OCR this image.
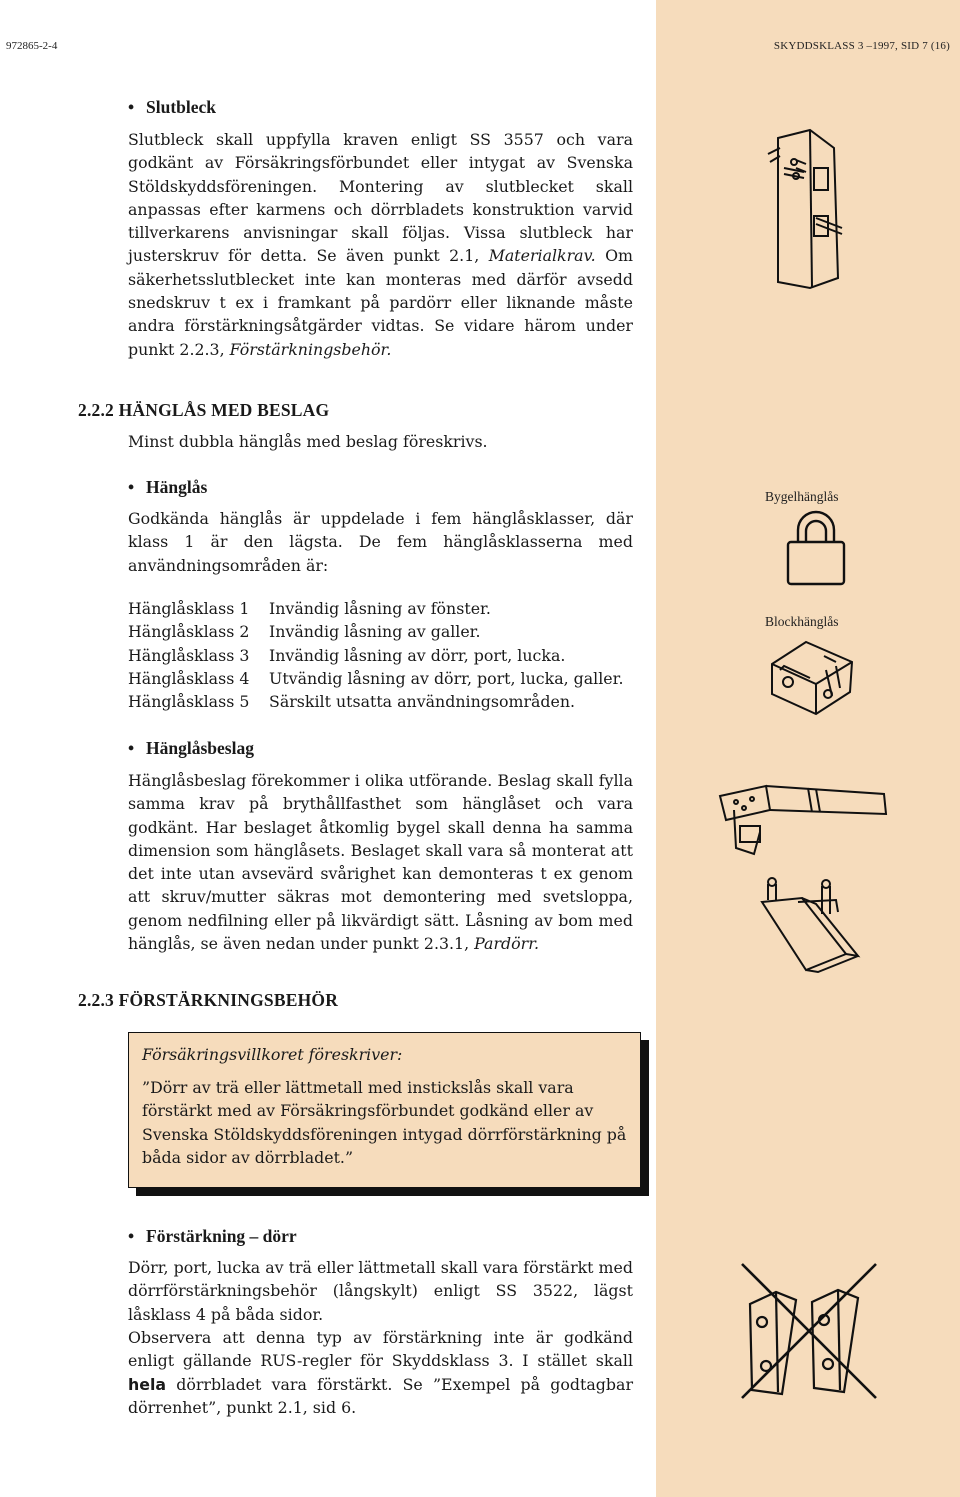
972865-2-4	SKYDDSKLASS 3 –1997, SID 7 (16)
• Slutbleck
Slutbleck skall uppfylla kraven enligt SS 3557 och vara godkänt av Försäkringsförbundet eller intygat av Svenska Stöldskyddsföreningen. Montering av slutblecket skall anpassas efter karmens och dörrbladets konstruktion varvid tillverkarens anvisningar skall följas. Vissa slutbleck har justerskruv för detta. Se även punkt 2.1, Materialkrav. Om säkerhetsslutblecket inte kan monteras med därför avsedd snedskruv t ex i framkant på pardörr eller liknande måste andra förstärkningsåtgärder vidtas. Se vidare härom under punkt 2.2.3, Förstärkningsbehör.
2.2.2 HÄNGLÅS MED BESLAG
Minst dubbla hänglås med beslag föreskrivs.
• Hänglås
Godkända hänglås är uppdelade i fem hänglåsklasser, där klass 1 är den lägsta. De fem hänglåsklasserna med användningsområden är:
Hänglåsklass 1	Invändig låsning av fönster.
Hänglåsklass 2	Invändig låsning av galler.
Hänglåsklass 3	Invändig låsning av dörr, port, lucka.
Hänglåsklass 4	Utvändig låsning av dörr, port, lucka, galler.
Hänglåsklass 5	Särskilt utsatta användningsområden.
• Hänglåsbeslag
Hänglåsbeslag förekommer i olika utförande. Beslag skall fylla samma krav på brythållfasthet som hänglåset och vara godkänt. Har beslaget åtkomlig bygel skall denna ha samma dimension som hänglåsets. Beslaget skall vara så monterat att det inte utan avsevärd svårighet kan demonteras t ex genom att skruv/mutter säkras mot demontering med svetsloppa, genom nedfilning eller på likvärdigt sätt. Låsning av bom med hänglås, se även nedan under punkt 2.3.1, Pardörr.
2.2.3 FÖRSTÄRKNINGSBEHÖR
Försäkringsvillkoret föreskriver:
”Dörr av trä eller lättmetall med instickslås skall vara förstärkt med av Försäkringsförbundet godkänd eller av Svenska Stöldskyddsföreningen intygad dörrförstärkning på båda sidor av dörrbladet.”
• Förstärkning – dörr
Dörr, port, lucka av trä eller lättmetall skall vara förstärkt med dörrförstärkningsbehör (långskylt) enligt SS 3522, lägst låsklass 4 på båda sidor.
Observera att denna typ av förstärkning inte är godkänd enligt gällande RUS-regler för Skyddsklass 3. I stället skall hela dörrbladet vara förstärkt. Se ”Exempel på godtagbar dörrenhet”, punkt 2.1, sid 6.
Bygelhänglås
Blockhänglås
